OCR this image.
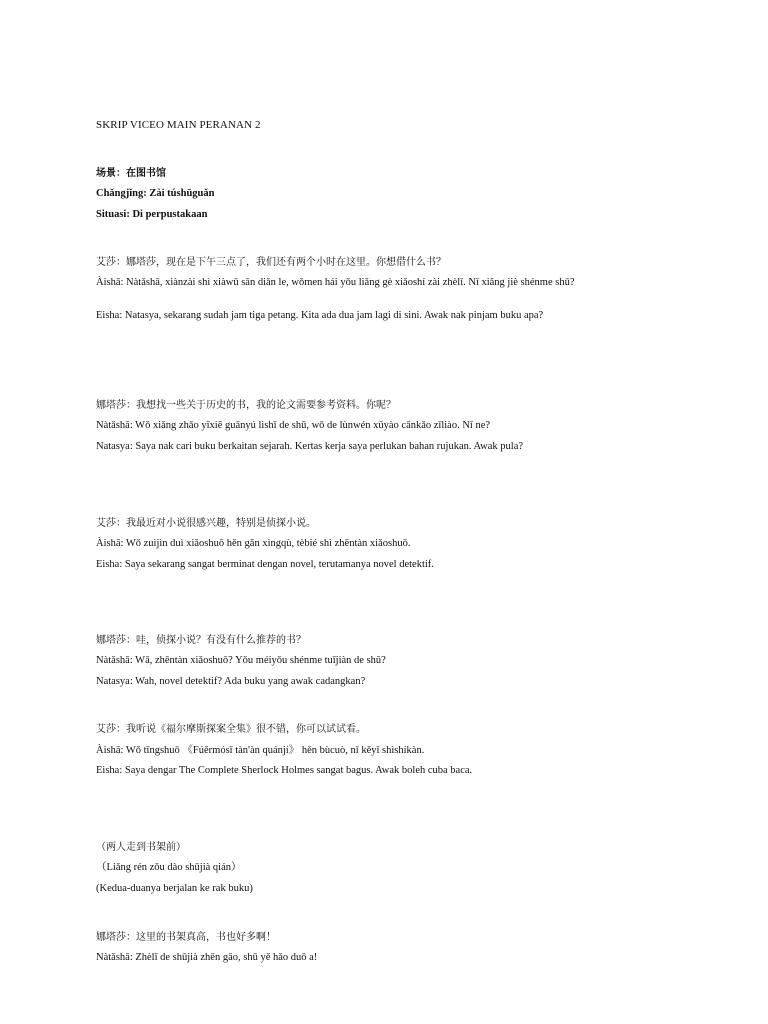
SKRIP VICEO MAIN PERANAN 2
场景：在图书馆
Chǎngjǐng: Zài túshūguǎn
Situasi: Di perpustakaan
艾莎：娜塔莎，现在是下午三点了，我们还有两个小时在这里。你想借什么书？
Àishā: Nàtǎshā, xiànzài shì xiàwǔ sān diǎn le, wǒmen hái yǒu liǎng gè xiǎoshí zài zhèlǐ. Nǐ xiǎng jiè shénme shū?
Eisha: Natasya, sekarang sudah jam tiga petang. Kita ada dua jam lagi di sini. Awak nak pinjam buku apa?
娜塔莎：我想找一些关于历史的书，我的论文需要参考资料。你呢？
Nàtǎshā: Wǒ xiǎng zhǎo yīxiē guānyú lìshǐ de shū, wǒ de lùnwén xūyào cānkǎo zīliào. Nǐ ne?
Natasya: Saya nak cari buku berkaitan sejarah. Kertas kerja saya perlukan bahan rujukan. Awak pula?
艾莎：我最近对小说很感兴趣，特别是侦探小说。
Àishā: Wǒ zuìjìn duì xiǎoshuō hěn gǎn xìngqù, tèbié shì zhēntàn xiǎoshuō.
Eisha: Saya sekarang sangat berminat dengan novel, terutamanya novel detektif.
娜塔莎：哇，侦探小说？有没有什么推荐的书？
Nàtǎshā: Wā, zhēntàn xiǎoshuō? Yǒu méiyǒu shénme tuījiàn de shū?
Natasya: Wah, novel detektif? Ada buku yang awak cadangkan?
艾莎：我听说《福尔摩斯探案全集》很不错，你可以试试看。
Àishā: Wǒ tīngshuō 《Fúěrmósī tàn'àn quánjí》 hěn bùcuò, nǐ kěyǐ shìshikàn.
Eisha: Saya dengar The Complete Sherlock Holmes sangat bagus. Awak boleh cuba baca.
（两人走到书架前）
（Liǎng rén zǒu dào shūjià qián）
(Kedua-duanya berjalan ke rak buku)
娜塔莎：这里的书架真高，书也好多啊！
Nàtǎshā: Zhèlǐ de shūjià zhēn gāo, shū yě hǎo duō a!
